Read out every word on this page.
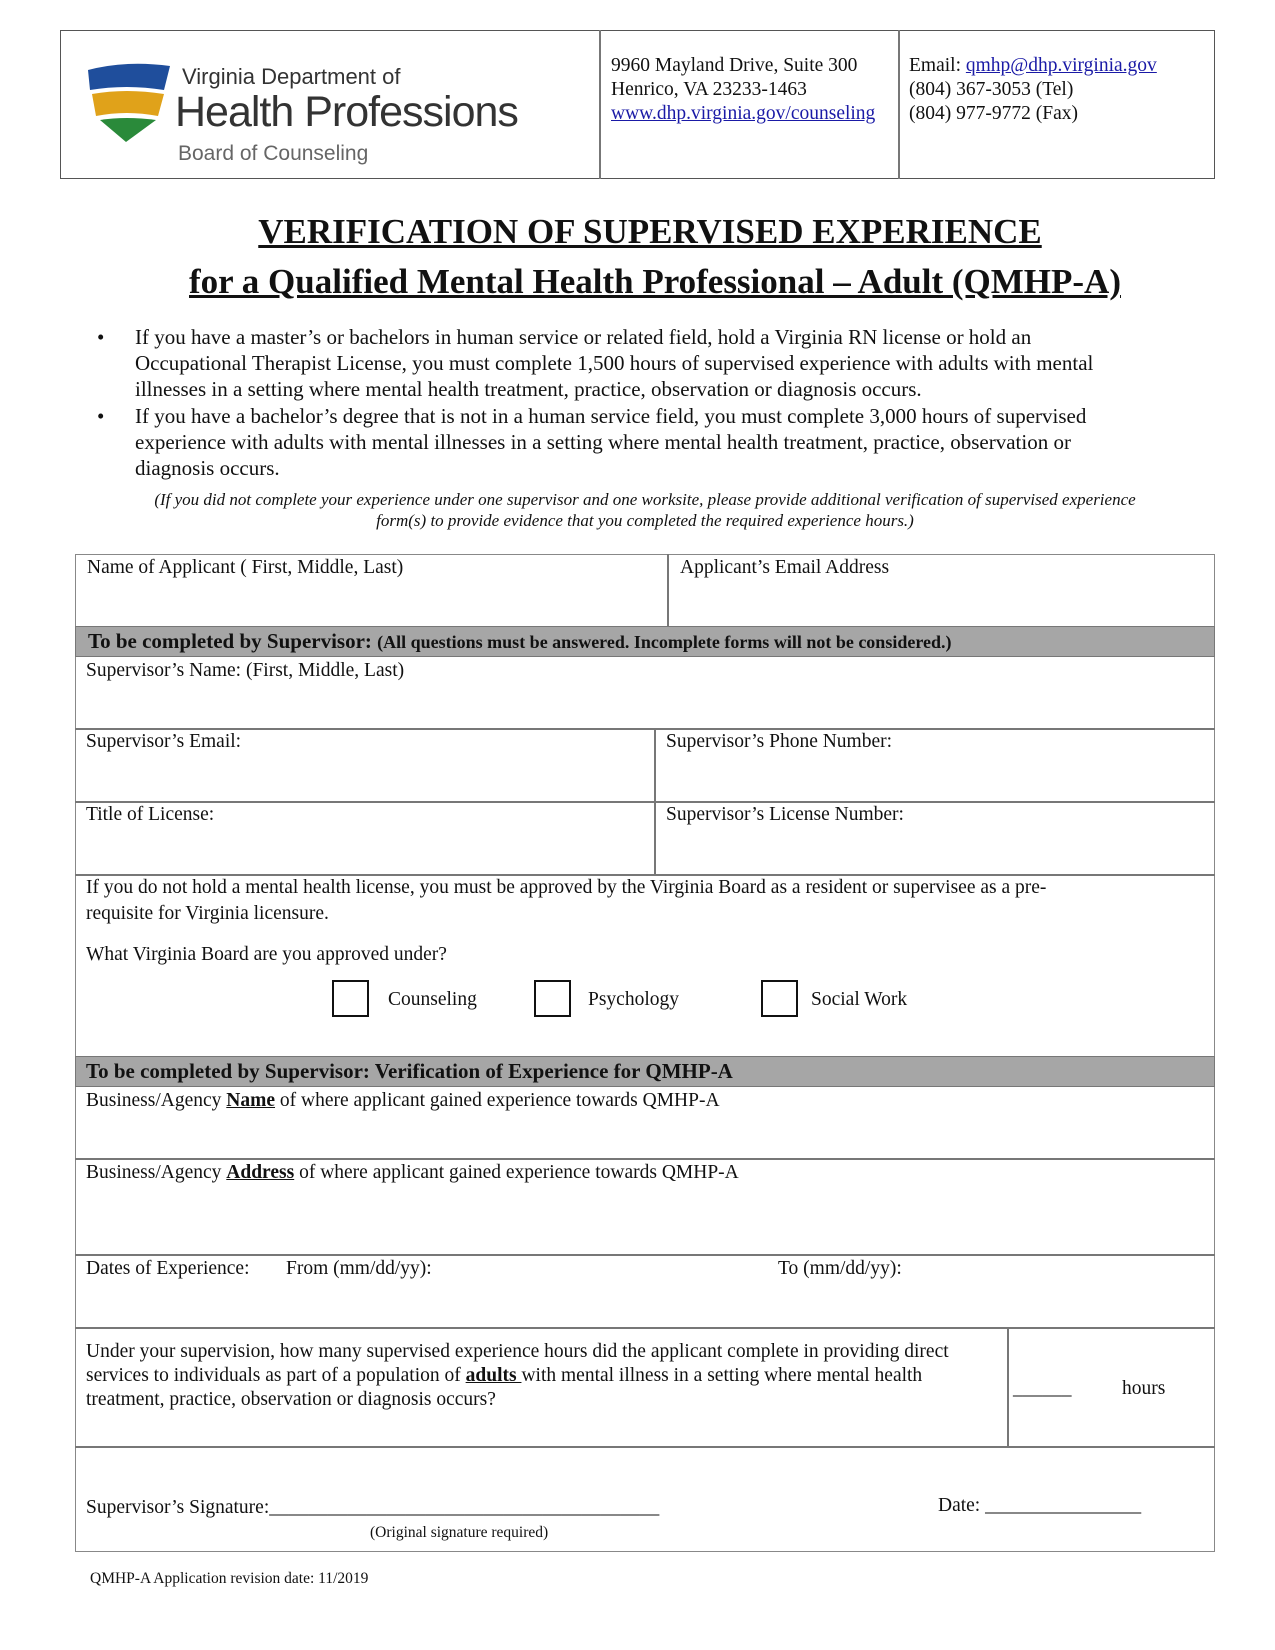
Virginia Department of
Health Professions
Board of Counseling
9960 Mayland Drive, Suite 300
Henrico, VA 23233-1463
www.dhp.virginia.gov/counseling
Email: qmhp@dhp.virginia.gov
(804) 367-3053 (Tel)
(804) 977-9772 (Fax)
VERIFICATION OF SUPERVISED EXPERIENCE
for a Qualified Mental Health Professional – Adult (QMHP-A)
• If you have a master’s or bachelors in human service or related field, hold a Virginia RN license or hold an
Occupational Therapist License, you must complete 1,500 hours of supervised experience with adults with mental
illnesses in a setting where mental health treatment, practice, observation or diagnosis occurs.
• If you have a bachelor’s degree that is not in a human service field, you must complete 3,000 hours of supervised
experience with adults with mental illnesses in a setting where mental health treatment, practice, observation or
diagnosis occurs.
(If you did not complete your experience under one supervisor and one worksite, please provide additional verification of supervised experience
form(s) to provide evidence that you completed the required experience hours.)
Name of Applicant ( First, Middle, Last)	Applicant’s Email Address
To be completed by Supervisor: (All questions must be answered. Incomplete forms will not be considered.)
Supervisor’s Name: (First, Middle, Last)
Supervisor’s Email:	Supervisor’s Phone Number:
Title of License:	Supervisor’s License Number:
If you do not hold a mental health license, you must be approved by the Virginia Board as a resident or supervisee as a pre-
requisite for Virginia licensure.
What Virginia Board are you approved under?
Counseling	Psychology	Social Work
To be completed by Supervisor: Verification of Experience for QMHP-A
Business/Agency Name of where applicant gained experience towards QMHP-A
Business/Agency Address of where applicant gained experience towards QMHP-A
Dates of Experience: From (mm/dd/yy):	To (mm/dd/yy):
Under your supervision, how many supervised experience hours did the applicant complete in providing direct
services to individuals as part of a population of adults with mental illness in a setting where mental health
treatment, practice, observation or diagnosis occurs?
______	hours
Supervisor’s Signature:________________________________________
(Original signature required)
Date: ________________
QMHP-A Application revision date: 11/2019
